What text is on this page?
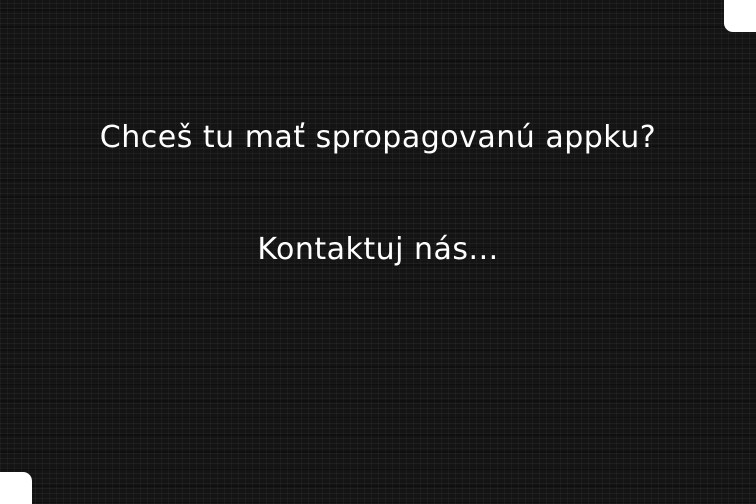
Chceš tu mať spropagovanú appku?
Kontaktuj nás...
